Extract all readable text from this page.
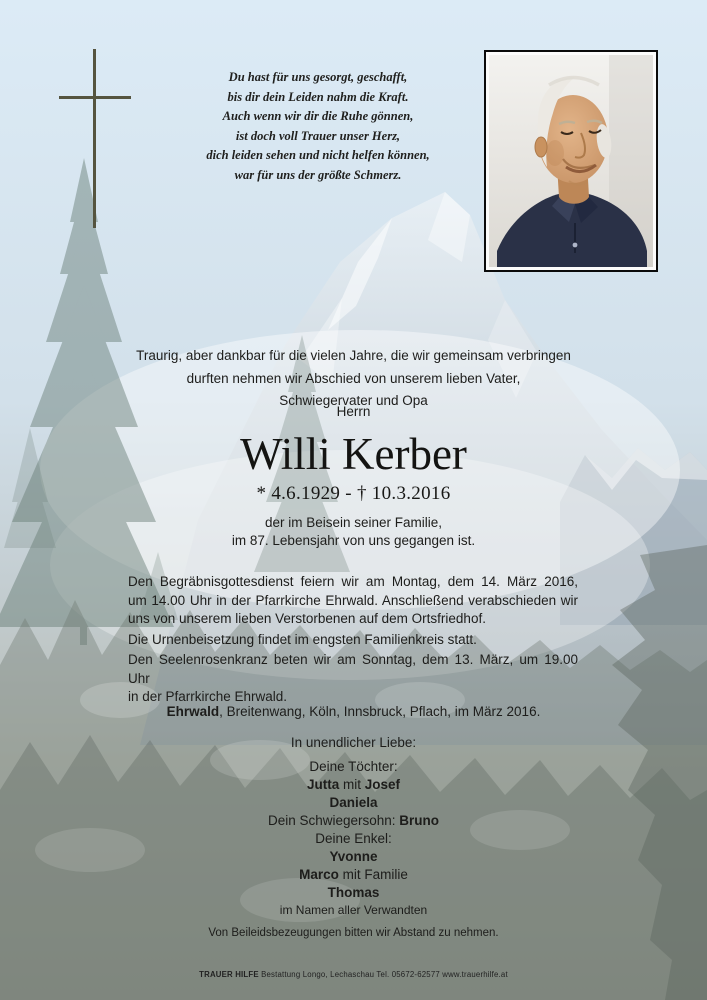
Du hast für uns gesorgt, geschafft,
bis dir dein Leiden nahm die Kraft.
Auch wenn wir dir die Ruhe gönnen,
ist doch voll Trauer unser Herz,
dich leiden sehen und nicht helfen können,
war für uns der größte Schmerz.
Traurig, aber dankbar für die vielen Jahre, die wir gemeinsam verbringen
durften nehmen wir Abschied von unserem lieben Vater,
Schwiegervater und Opa
Herrn
Willi Kerber
* 4.6.1929 - † 10.3.2016
der im Beisein seiner Familie,
im 87. Lebensjahr von uns gegangen ist.
Den Begräbnisgottesdienst feiern wir am Montag, dem 14. März 2016,
um 14.00 Uhr in der Pfarrkirche Ehrwald. Anschließend verabschieden wir
uns von unserem lieben Verstorbenen auf dem Ortsfriedhof.
Die Urnenbeisetzung findet im engsten Familienkreis statt.
Den Seelenrosenkranz beten wir am Sonntag, dem 13. März, um 19.00 Uhr
in der Pfarrkirche Ehrwald.
Ehrwald, Breitenwang, Köln, Innsbruck, Pflach, im März 2016.
In unendlicher Liebe:
Deine Töchter:
Jutta mit Josef
Daniela
Dein Schwiegersohn: Bruno
Deine Enkel:
Yvonne
Marco mit Familie
Thomas
im Namen aller Verwandten
Von Beileidsbezeugungen bitten wir Abstand zu nehmen.
TRAUER HILFE Bestattung Longo, Lechaschau Tel. 05672-62577 www.trauerhilfe.at
